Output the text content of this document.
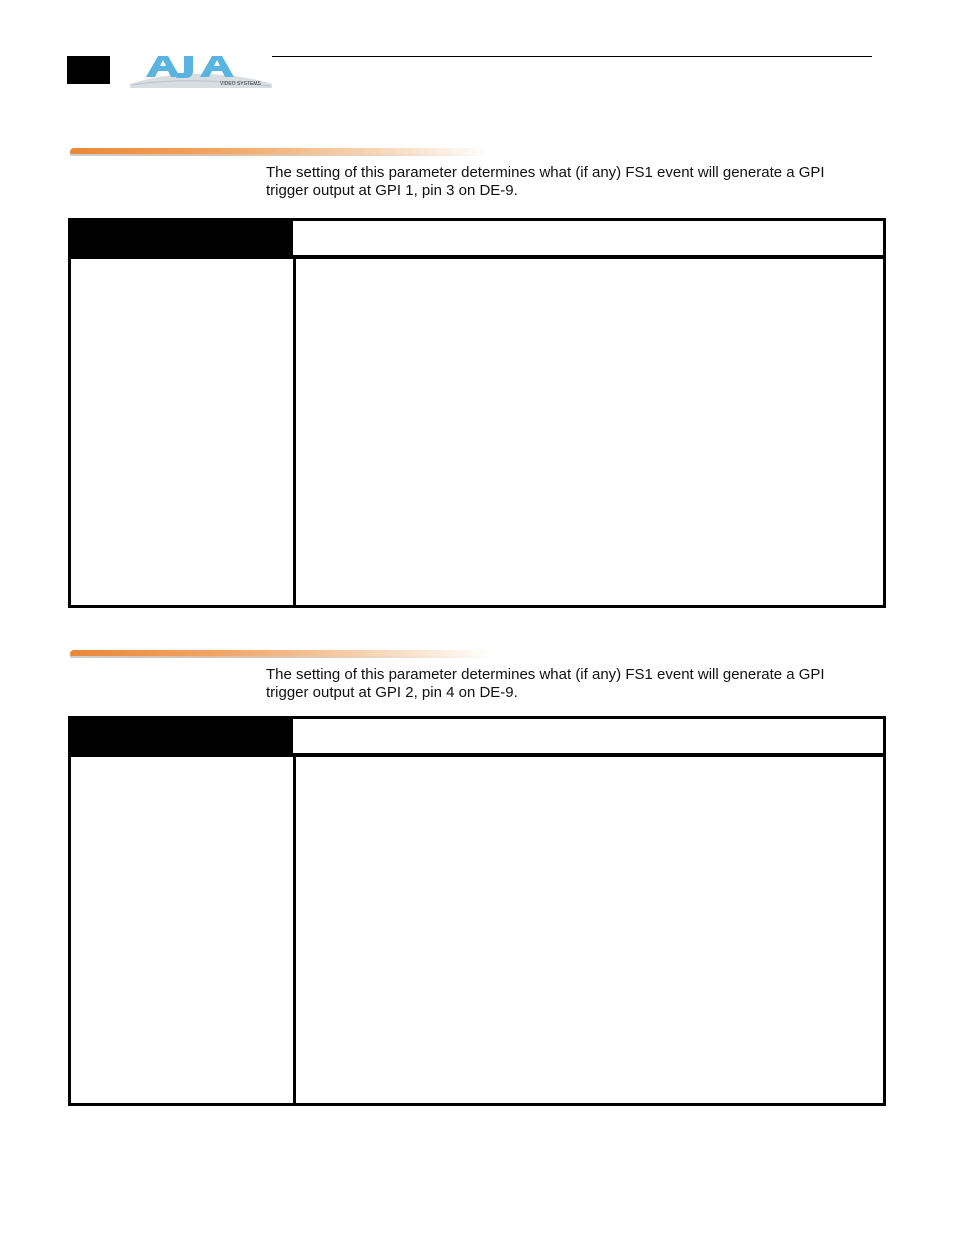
VIDEO SYSTEMS
The setting of this parameter determines what (if any) FS1 event will generate a GPI trigger output at GPI 1, pin 3 on DE-9.
The setting of this parameter determines what (if any) FS1 event will generate a GPI trigger output at GPI 2, pin 4 on DE-9.
